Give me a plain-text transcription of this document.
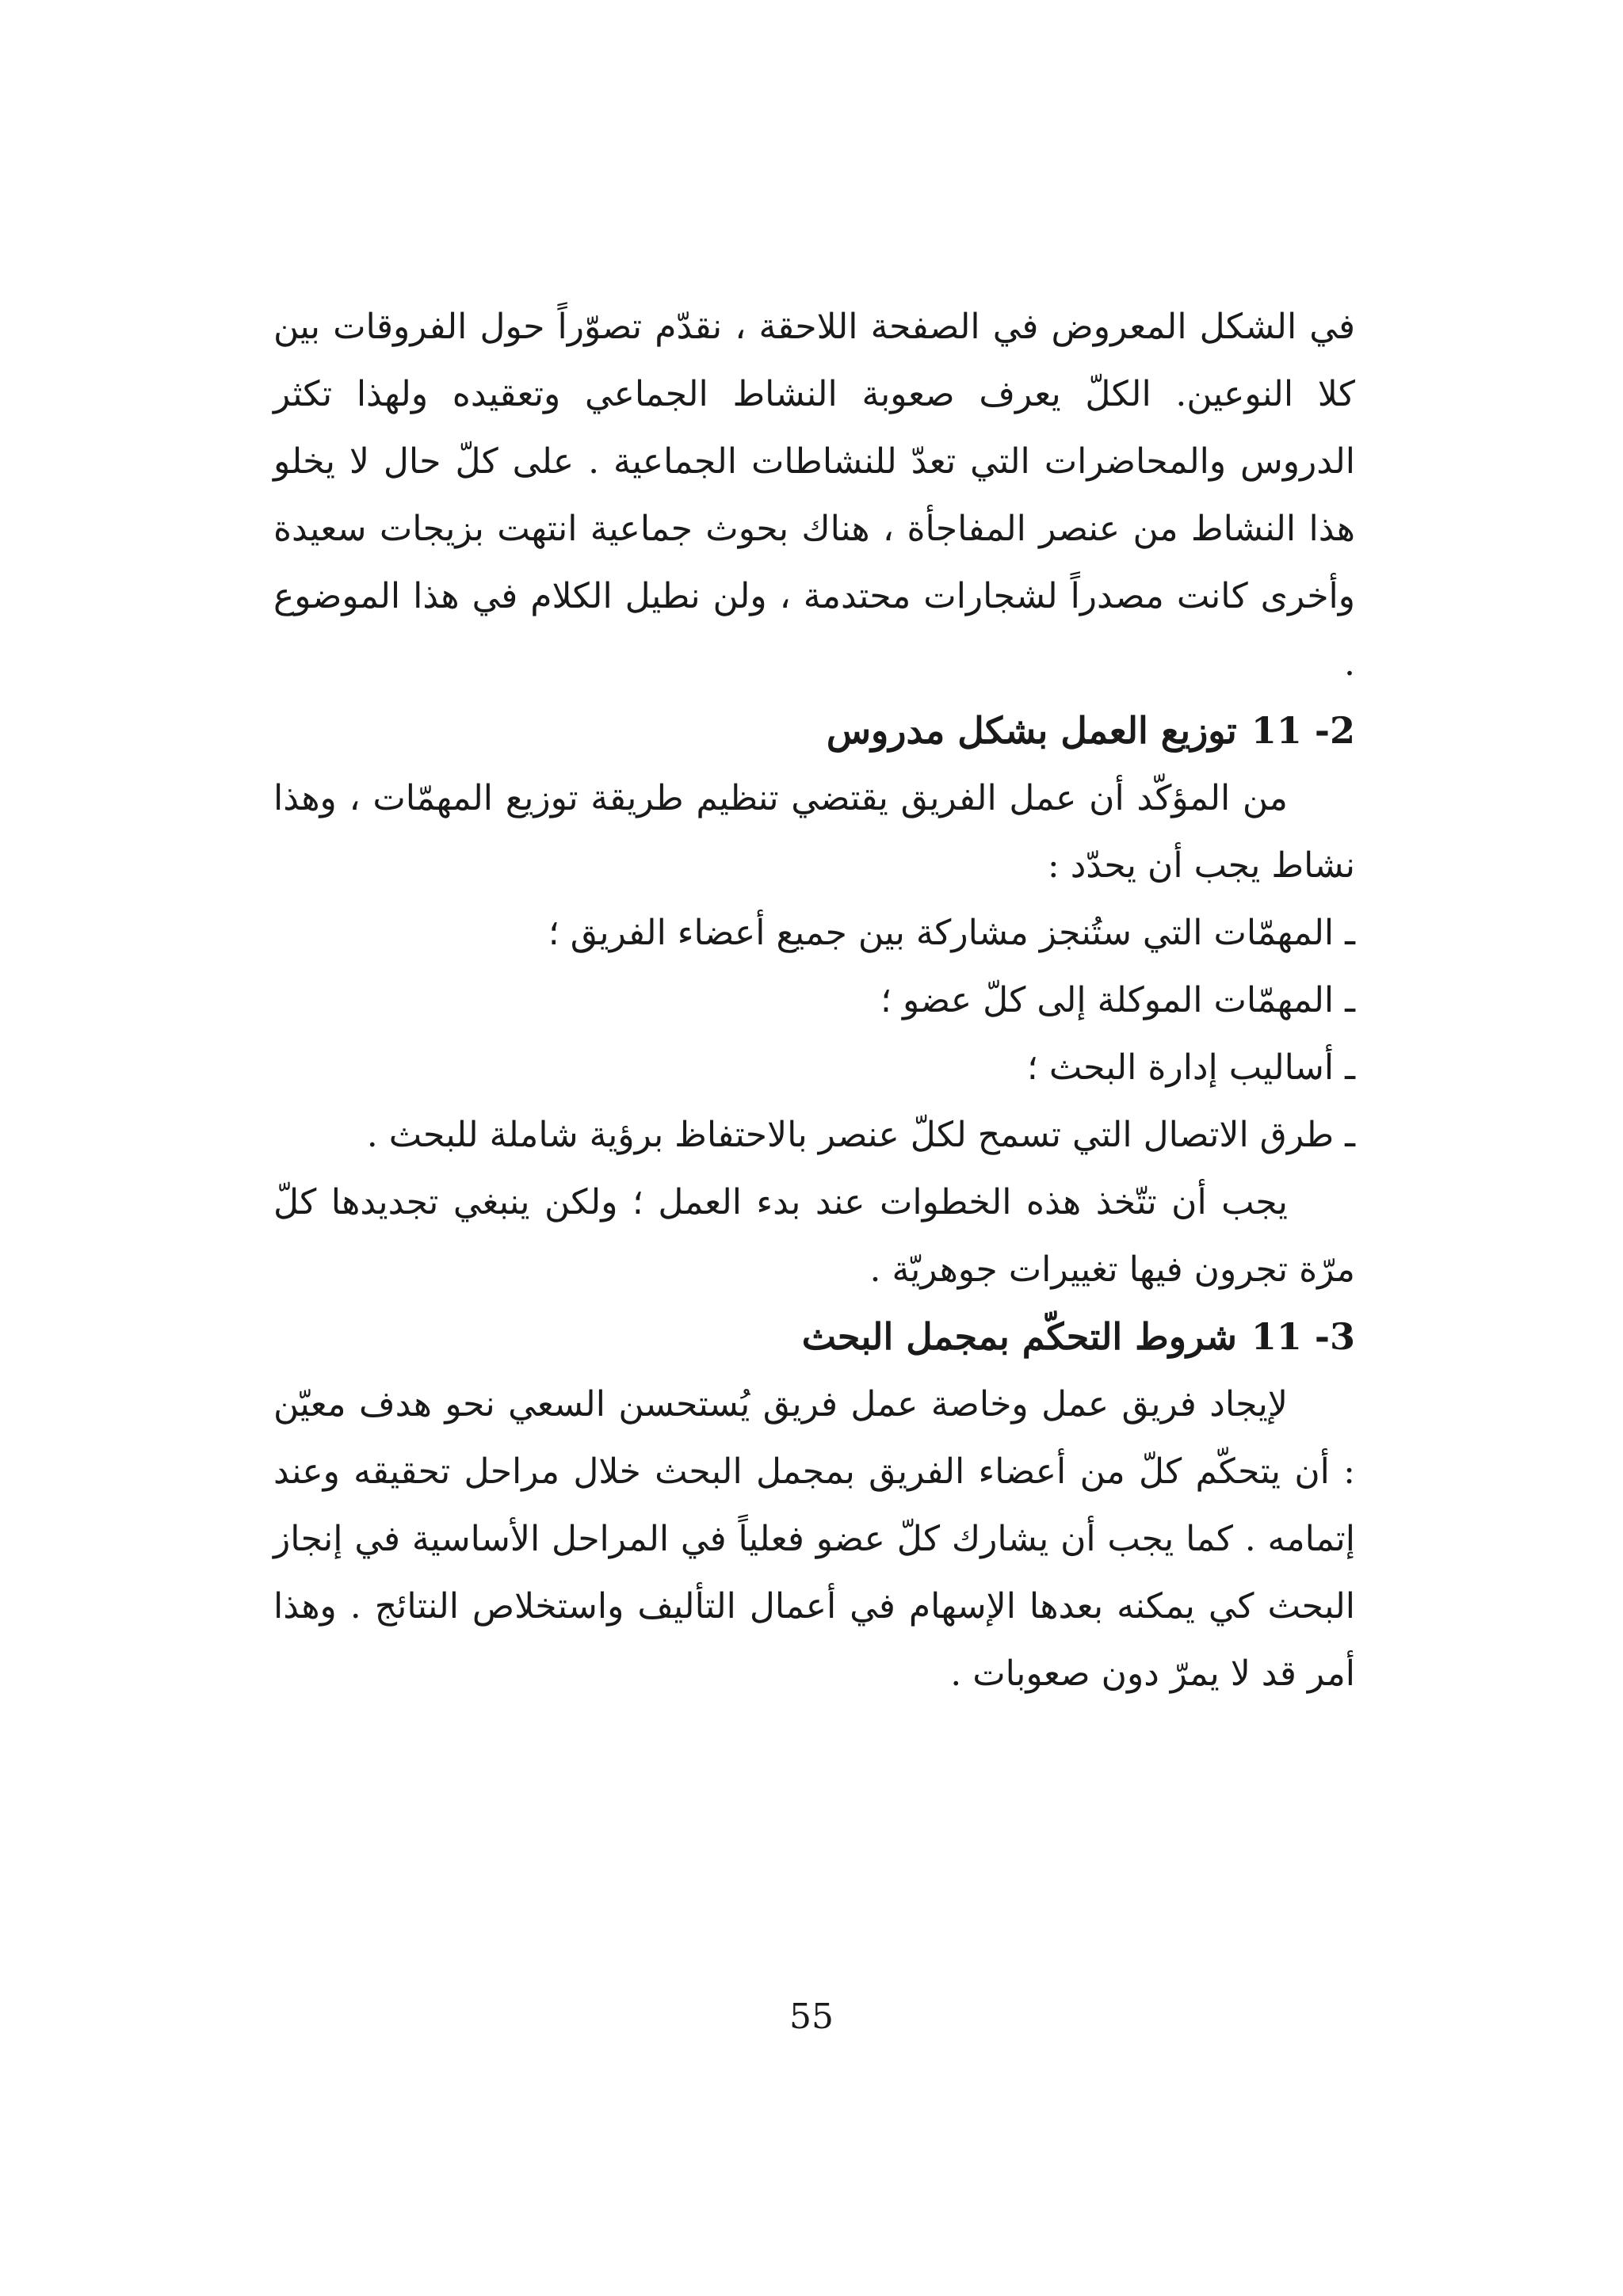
في الشكل المعروض في الصفحة اللاحقة ، نقدّم تصوّراً حول الفروقات بين كلا النوعين. الكلّ يعرف صعوبة النشاط الجماعي وتعقيده ولهذا تكثر الدروس والمحاضرات التي تعدّ للنشاطات الجماعية . على كلّ حال لا يخلو هذا النشاط من عنصر المفاجأة ، هناك بحوث جماعية انتهت بزيجات سعيدة وأخرى كانت مصدراً لشجارات محتدمة ، ولن نطيل الكلام في هذا الموضوع .

11 -2توزيع العمل بشكل مدروس

من المؤكّد أن عمل الفريق يقتضي تنظيم طريقة توزيع المهمّات ، وهذا نشاط يجب أن يحدّد :

ـ المهمّات التي ستُنجز مشاركة بين جميع أعضاء الفريق ؛
ـ المهمّات الموكلة إلى كلّ عضو ؛
ـ أساليب إدارة البحث ؛
ـ طرق الاتصال التي تسمح لكلّ عنصر بالاحتفاظ برؤية شاملة للبحث .

يجب أن تتّخذ هذه الخطوات عند بدء العمل ؛ ولكن ينبغي تجديدها كلّ مرّة تجرون فيها تغييرات جوهريّة .

11 -3شروط التحكّم بمجمل البحث

لإيجاد فريق عمل وخاصة عمل فريق يُستحسن السعي نحو هدف معيّن : أن يتحكّم كلّ من أعضاء الفريق بمجمل البحث خلال مراحل تحقيقه وعند إتمامه . كما يجب أن يشارك كلّ عضو فعلياً في المراحل الأساسية في إنجاز البحث كي يمكنه بعدها الإسهام في أعمال التأليف واستخلاص النتائج . وهذا أمر قد لا يمرّ دون صعوبات .

55
